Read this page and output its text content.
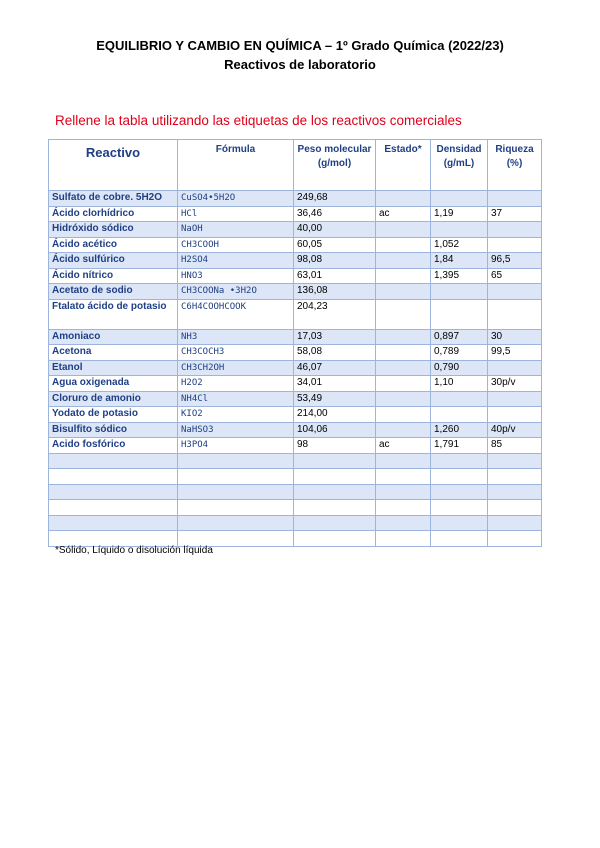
EQUILIBRIO Y CAMBIO EN QUÍMICA – 1º Grado Química (2022/23)
Reactivos de laboratorio
Rellene la tabla utilizando las etiquetas de los reactivos comerciales
Reactivo	Fórmula	Peso molecular (g/mol)	Estado*	Densidad (g/mL)	Riqueza (%)
Sulfato de cobre. 5H2O	CuSO4•5H2O	249,68			
Ácido clorhídrico	HCl	36,46	ac	1,19	37
Hidróxido sódico	NaOH	40,00			
Ácido acético	CH3COOH	60,05		1,052	
Ácido sulfúrico	H2SO4	98,08		1,84	96,5
Ácido nítrico	HNO3	63,01		1,395	65
Acetato de sodio	CH3COONa •3H2O	136,08			
Ftalato ácido de potasio	C6H4COOHCOOK	204,23			
Amoniaco	NH3	17,03		0,897	30
Acetona	CH3COCH3	58,08		0,789	99,5
Etanol	CH3CH2OH	46,07		0,790	
Agua oxigenada	H2O2	34,01		1,10	30p/v
Cloruro de amonio	NH4Cl	53,49			
Yodato de potasio	KIO2	214,00			
Bisulfito sódico	NaHSO3	104,06		1,260	40p/v
Acido fosfórico	H3PO4	98	ac	1,791	85

*Sólido, Líquido o disolución líquida
